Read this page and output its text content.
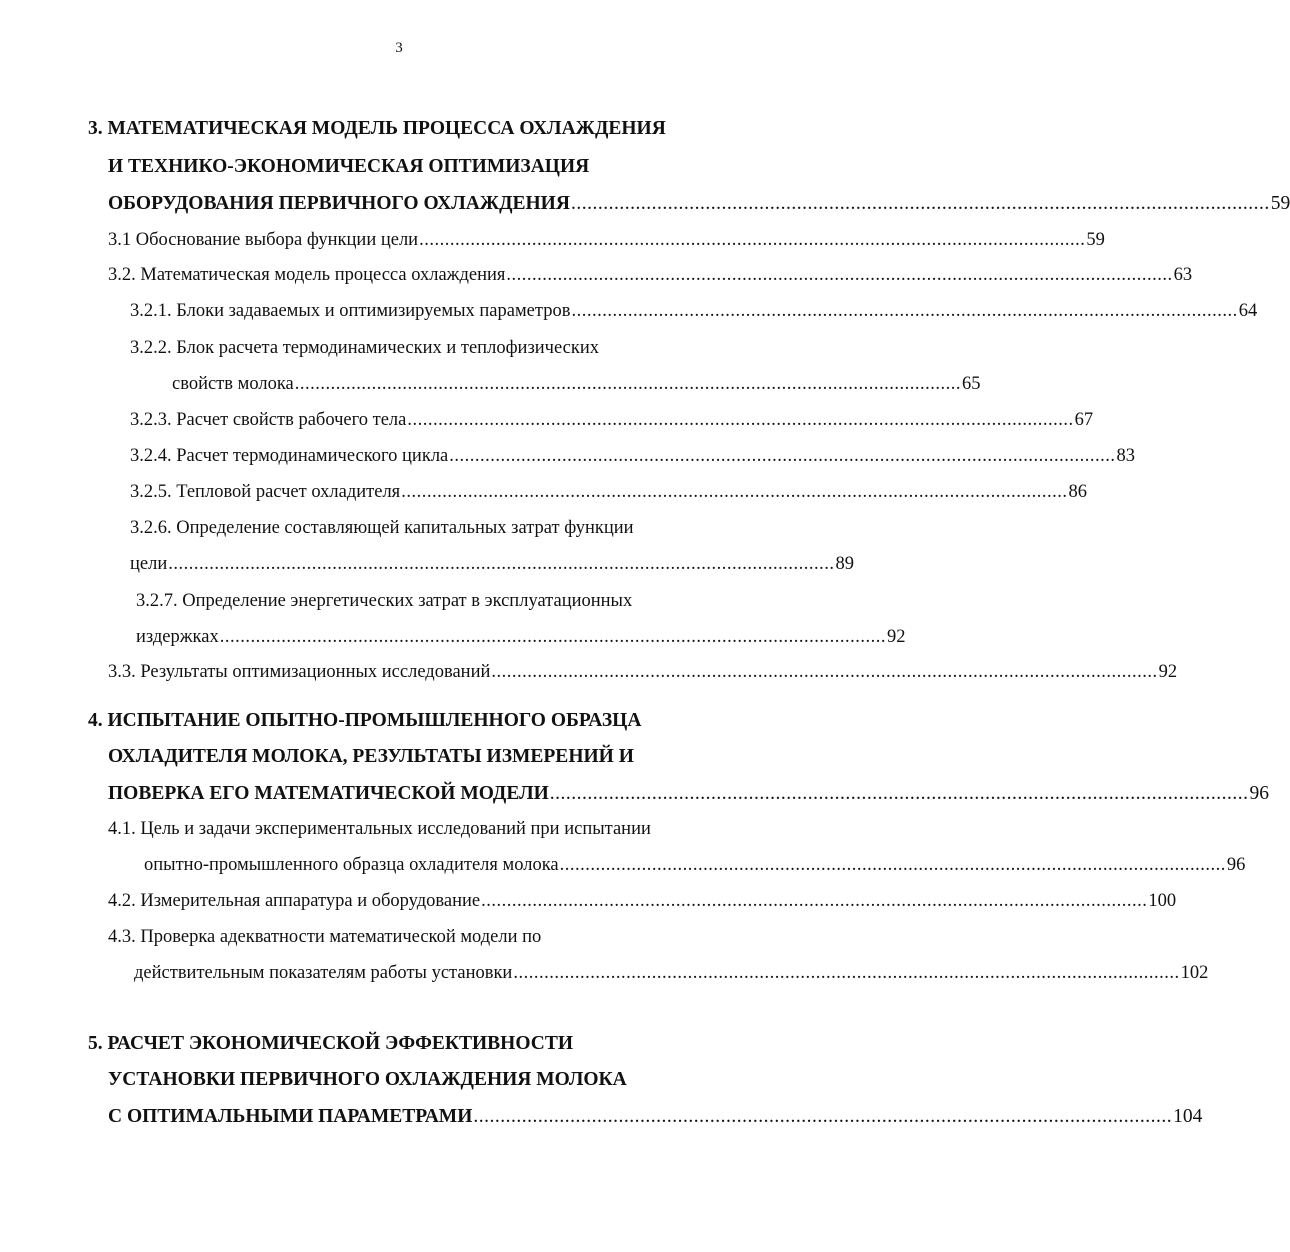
3
3. МАТЕМАТИЧЕСКАЯ МОДЕЛЬ ПРОЦЕССА ОХЛАЖДЕНИЯ
И ТЕХНИКО-ЭКОНОМИЧЕСКАЯ ОПТИМИЗАЦИЯ
ОБОРУДОВАНИЯ ПЕРВИЧНОГО ОХЛАЖДЕНИЯ .................................................................................................................................. 59
3.1 Обоснование выбора функции цели .................................................................................................................................. 59
3.2. Математическая модель процесса охлаждения .................................................................................................................................. 63
3.2.1. Блоки задаваемых и оптимизируемых параметров .................................................................................................................................. 64
3.2.2. Блок расчета термодинамических и теплофизических
свойств молока .................................................................................................................................. 65
3.2.3. Расчет свойств рабочего тела .................................................................................................................................. 67
3.2.4. Расчет термодинамического цикла .................................................................................................................................. 83
3.2.5. Тепловой расчет охладителя .................................................................................................................................. 86
3.2.6. Определение составляющей капитальных затрат функции
цели .................................................................................................................................. 89
3.2.7. Определение энергетических затрат в эксплуатационных
издержках .................................................................................................................................. 92
3.3. Результаты оптимизационных исследований .................................................................................................................................. 92
4. ИСПЫТАНИЕ ОПЫТНО-ПРОМЫШЛЕННОГО ОБРАЗЦА
ОХЛАДИТЕЛЯ МОЛОКА, РЕЗУЛЬТАТЫ ИЗМЕРЕНИЙ И
ПОВЕРКА ЕГО МАТЕМАТИЧЕСКОЙ МОДЕЛИ .................................................................................................................................. 96
4.1. Цель и задачи экспериментальных исследований при испытании
опытно-промышленного образца охладителя молока .................................................................................................................................. 96
4.2. Измерительная аппаратура и оборудование .................................................................................................................................. 100
4.3. Проверка адекватности математической модели по
действительным показателям работы установки .................................................................................................................................. 102
5. РАСЧЕТ ЭКОНОМИЧЕСКОЙ ЭФФЕКТИВНОСТИ
УСТАНОВКИ ПЕРВИЧНОГО ОХЛАЖДЕНИЯ МОЛОКА
С ОПТИМАЛЬНЫМИ ПАРАМЕТРАМИ .................................................................................................................................. 104
